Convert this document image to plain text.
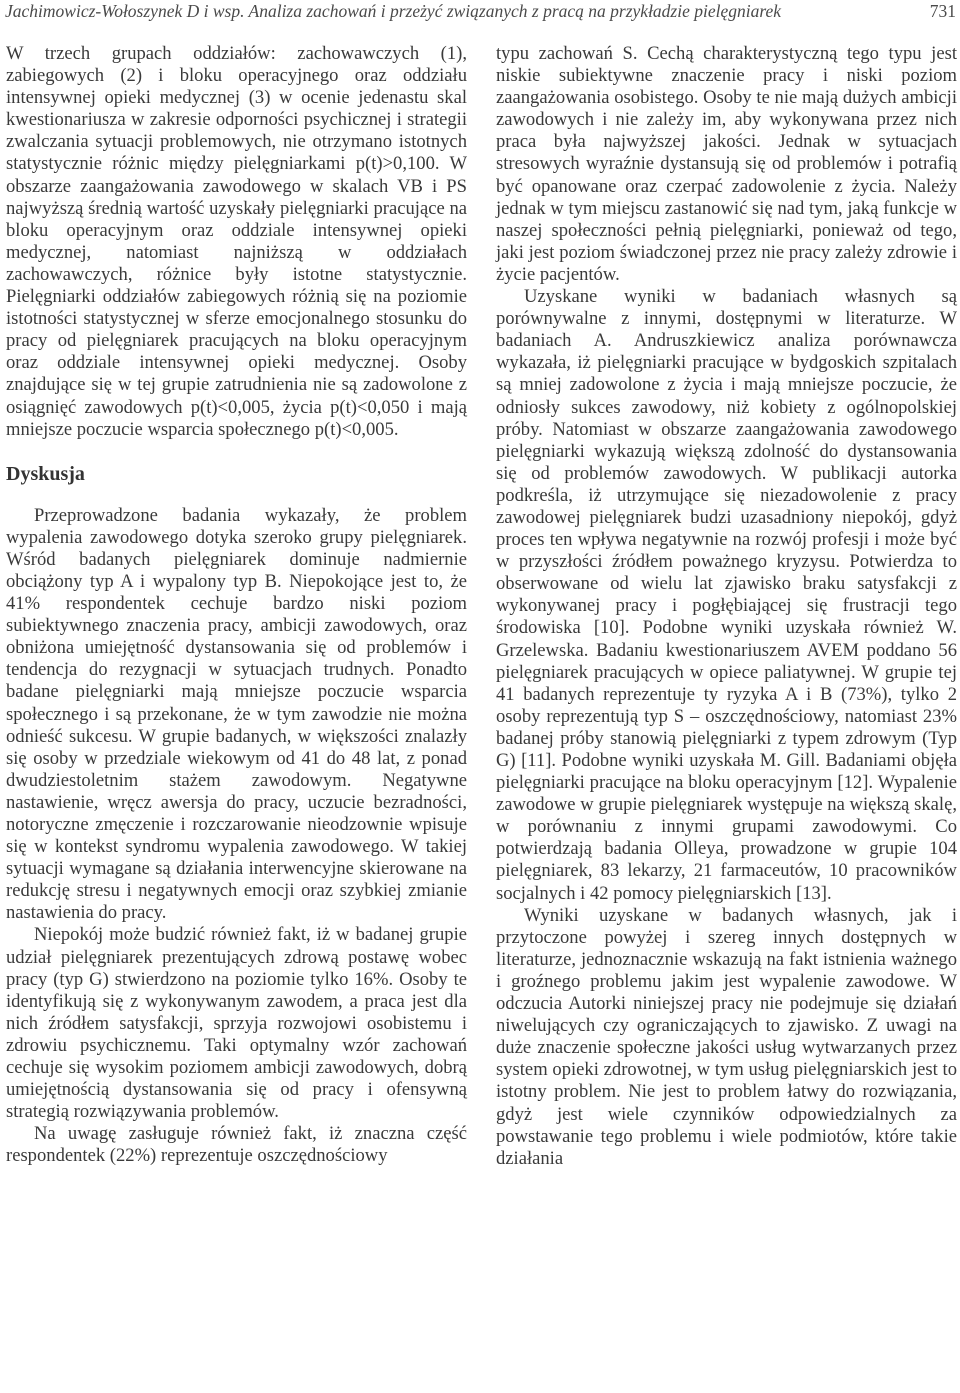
Jachimowicz-Wołoszynek D i wsp. Analiza zachowań i przeżyć związanych z pracą na przykładzie pielęgniarek	731

W trzech grupach oddziałów: zachowawczych (1), zabiegowych (2) i bloku operacyjnego oraz oddziału intensywnej opieki medycznej (3) w ocenie jedenastu skal kwestionariusza w zakresie odporności psychicznej i strategii zwalczania sytuacji problemowych, nie otrzymano istotnych statystycznie różnic między pielęgniarkami p(t)>0,100. W obszarze zaangażowania zawodowego w skalach VB i PS najwyższą średnią wartość uzyskały pielęgniarki pracujące na bloku operacyjnym oraz oddziale intensywnej opieki medycznej, natomiast najniższą w oddziałach zachowawczych, różnice były istotne statystycznie. Pielęgniarki oddziałów zabiegowych różnią się na poziomie istotności statystycznej w sferze emocjonalnego stosunku do pracy od pielęgniarek pracujących na bloku operacyjnym oraz oddziale intensywnej opieki medycznej. Osoby znajdujące się w tej grupie zatrudnienia nie są zadowolone z osiągnięć zawodowych p(t)<0,005, życia p(t)<0,050 i mają mniejsze poczucie wsparcia społecznego p(t)<0,005.

Dyskusja

Przeprowadzone badania wykazały, że problem wypalenia zawodowego dotyka szeroko grupy pielęgniarek. Wśród badanych pielęgniarek dominuje nadmiernie obciążony typ A i wypalony typ B. Niepokojące jest to, że 41% respondentek cechuje bardzo niski poziom subiektywnego znaczenia pracy, ambicji zawodowych, oraz obniżona umiejętność dystansowania się od problemów i tendencja do rezygnacji w sytuacjach trudnych. Ponadto badane pielęgniarki mają mniejsze poczucie wsparcia społecznego i są przekonane, że w tym zawodzie nie można odnieść sukcesu. W grupie badanych, w większości znalazły się osoby w przedziale wiekowym od 41 do 48 lat, z ponad dwudziestoletnim stażem zawodowym. Negatywne nastawienie, wręcz awersja do pracy, uczucie bezradności, notoryczne zmęczenie i rozczarowanie nieodzownie wpisuje się w kontekst syndromu wypalenia zawodowego. W takiej sytuacji wymagane są działania interwencyjne skierowane na redukcję stresu i negatywnych emocji oraz szybkiej zmianie nastawienia do pracy.

Niepokój może budzić również fakt, iż w badanej grupie udział pielęgniarek prezentujących zdrową postawę wobec pracy (typ G) stwierdzono na poziomie tylko 16%. Osoby te identyfikują się z wykonywanym zawodem, a praca jest dla nich źródłem satysfakcji, sprzyja rozwojowi osobistemu i zdrowiu psychicznemu. Taki optymalny wzór zachowań cechuje się wysokim poziomem ambicji zawodowych, dobrą umiejętnością dystansowania się od pracy i ofensywną strategią rozwiązywania problemów.

Na uwagę zasługuje również fakt, iż znaczna część respondentek (22%) reprezentuje oszczędnościowy

typu zachowań S. Cechą charakterystyczną tego typu jest niskie subiektywne znaczenie pracy i niski poziom zaangażowania osobistego. Osoby te nie mają dużych ambicji zawodowych i nie zależy im, aby wykonywana przez nich praca była najwyższej jakości. Jednak w sytuacjach stresowych wyraźnie dystansują się od problemów i potrafią być opanowane oraz czerpać zadowolenie z życia. Należy jednak w tym miejscu zastanowić się nad tym, jaką funkcje w naszej społeczności pełnią pielęgniarki, ponieważ od tego, jaki jest poziom świadczonej przez nie pracy zależy zdrowie i życie pacjentów.

Uzyskane wyniki w badaniach własnych są porównywalne z innymi, dostępnymi w literaturze. W badaniach A. Andruszkiewicz analiza porównawcza wykazała, iż pielęgniarki pracujące w bydgoskich szpitalach są mniej zadowolone z życia i mają mniejsze poczucie, że odniosły sukces zawodowy, niż kobiety z ogólnopolskiej próby. Natomiast w obszarze zaangażowania zawodowego pielęgniarki wykazują większą zdolność do dystansowania się od problemów zawodowych. W publikacji autorka podkreśla, iż utrzymujące się niezadowolenie z pracy zawodowej pielęgniarek budzi uzasadniony niepokój, gdyż proces ten wpływa negatywnie na rozwój profesji i może być w przyszłości źródłem poważnego kryzysu. Potwierdza to obserwowane od wielu lat zjawisko braku satysfakcji z wykonywanej pracy i pogłębiającej się frustracji tego środowiska [10]. Podobne wyniki uzyskała również W. Grzelewska. Badaniu kwestionariuszem AVEM poddano 56 pielęgniarek pracujących w opiece paliatywnej. W grupie tej 41 badanych reprezentuje ty ryzyka A i B (73%), tylko 2 osoby reprezentują typ S – oszczędnościowy, natomiast 23% badanej próby stanowią pielęgniarki z typem zdrowym (Typ G) [11]. Podobne wyniki uzyskała M. Gill. Badaniami objęła pielęgniarki pracujące na bloku operacyjnym [12]. Wypalenie zawodowe w grupie pielęgniarek występuje na większą skalę, w porównaniu z innymi grupami zawodowymi. Co potwierdzają badania Olleya, prowadzone w grupie 104 pielęgniarek, 83 lekarzy, 21 farmaceutów, 10 pracowników socjalnych i 42 pomocy pielęgniarskich [13].

Wyniki uzyskane w badanych własnych, jak i przytoczone powyżej i szereg innych dostępnych w literaturze, jednoznacznie wskazują na fakt istnienia ważnego i groźnego problemu jakim jest wypalenie zawodowe. W odczucia Autorki niniejszej pracy nie podejmuje się działań niwelujących czy ograniczających to zjawisko. Z uwagi na duże znaczenie społeczne jakości usług wytwarzanych przez system opieki zdrowotnej, w tym usług pielęgniarskich jest to istotny problem. Nie jest to problem łatwy do rozwiązania, gdyż jest wiele czynników odpowiedzialnych za powstawanie tego problemu i wiele podmiotów, które takie działania
